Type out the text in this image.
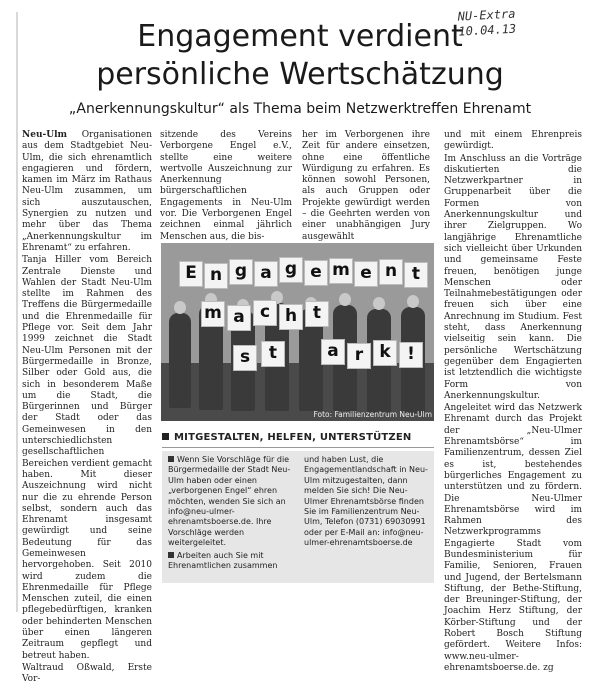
NU-Extra
10.04.13
Engagement verdient
persönliche Wertschätzung
„Anerkennungskultur“ als Thema beim Netzwerktreffen Ehrenamt

Neu-Ulm Organisationen aus dem Stadtgebiet Neu-Ulm, die sich ehrenamtlich engagieren und fördern, kamen im März im Rathaus Neu-Ulm zusammen, um sich auszutauschen, Synergien zu nutzen und mehr über das Thema „Anerkennungskultur im Ehrenamt“ zu erfahren.

Tanja Hiller vom Bereich Zentrale Dienste und Wahlen der Stadt Neu-Ulm stellte im Rahmen des Treffens die Bürgermedaille und die Ehrenmedaille für Pflege vor. Seit dem Jahr 1999 zeichnet die Stadt Neu-Ulm Personen mit der Bürgermedaille in Bronze, Silber oder Gold aus, die sich in besonderem Maße um die Stadt, die Bürgerinnen und Bürger der Stadt oder das Gemeinwesen in den unterschiedlichsten gesellschaftlichen Bereichen verdient gemacht haben. Mit dieser Auszeichnung wird nicht nur die zu ehrende Person selbst, sondern auch das Ehrenamt insgesamt gewürdigt und seine Bedeutung für das Gemeinwesen hervorgehoben. Seit 2010 wird zudem die Ehrenmedaille für Pflege Menschen zuteil, die einen pflegebedürftigen, kranken oder behinderten Menschen über einen längeren Zeitraum gepflegt und betreut haben.

Waltraud Oßwald, Erste Vor-

sitzende des Vereins Verborgene Engel e.V., stellte eine weitere wertvolle Auszeichnung zur Anerkennung bürgerschaftlichen Engagements in Neu-Ulm vor. Die Verborgenen Engel zeichnen einmal jährlich Menschen aus, die bis-

her im Verborgenen ihre Zeit für andere einsetzen, ohne eine öffentliche Würdigung zu erfahren. Es können sowohl Personen, als auch Gruppen oder Projekte gewürdigt werden – die Geehrten werden von einer unabhängigen Jury ausgewählt

E n g a g e m e n t
m a c h t
s	t	a r k !
Foto: Familienzentrum Neu-Ulm
MITGESTALTEN, HELFEN, UNTERSTÜTZEN

Wenn Sie Vorschläge für die Bürgermedaille der Stadt Neu-Ulm haben oder einen „verborgenen Engel“ ehren möchten, wenden Sie sich an info@neu-ulmer-ehrenamtsboerse.de. Ihre Vorschläge werden weitergeleitet.

Arbeiten auch Sie mit Ehrenamtlichen zusammen

und haben Lust, die Engagementlandschaft in Neu-Ulm mitzugestalten, dann melden Sie sich! Die Neu-Ulmer Ehrenamtsbörse finden Sie im Familienzentrum Neu-Ulm, Telefon (0731) 69030991 oder per E-Mail an: info@neu-ulmer-ehrenamtsboerse.de

und mit einem Ehrenpreis gewürdigt.

Im Anschluss an die Vorträge diskutierten die Netzwerkpartner in Gruppenarbeit über die Formen von Anerkennungskultur und ihrer Zielgruppen. Wo langjährige Ehrenamtliche sich vielleicht über Urkunden und gemeinsame Feste freuen, benötigen junge Menschen oder Teilnahmebestätigungen oder freuen sich über eine Anrechnung im Studium. Fest steht, dass Anerkennung vielseitig sein kann. Die persönliche Wertschätzung gegenüber dem Engagierten ist letztendlich die wichtigste Form von Anerkennungskultur.

Angeleitet wird das Netzwerk Ehrenamt durch das Projekt der „Neu-Ulmer Ehrenamtsbörse“ im Familienzentrum, dessen Ziel es ist, bestehendes bürgerliches Engagement zu unterstützen und zu fördern. Die Neu-Ulmer Ehrenamtsbörse wird im Rahmen des Netzwerkprogramms Engagierte Stadt vom Bundesministerium für Familie, Senioren, Frauen und Jugend, der Bertelsmann Stiftung, der Bethe-Stiftung, der Breuninger-Stiftung, der Joachim Herz Stiftung, der Körber-Stiftung und der Robert Bosch Stiftung gefördert. Weitere Infos: www.neu-ulmer-ehrenamtsboerse.de. zg
